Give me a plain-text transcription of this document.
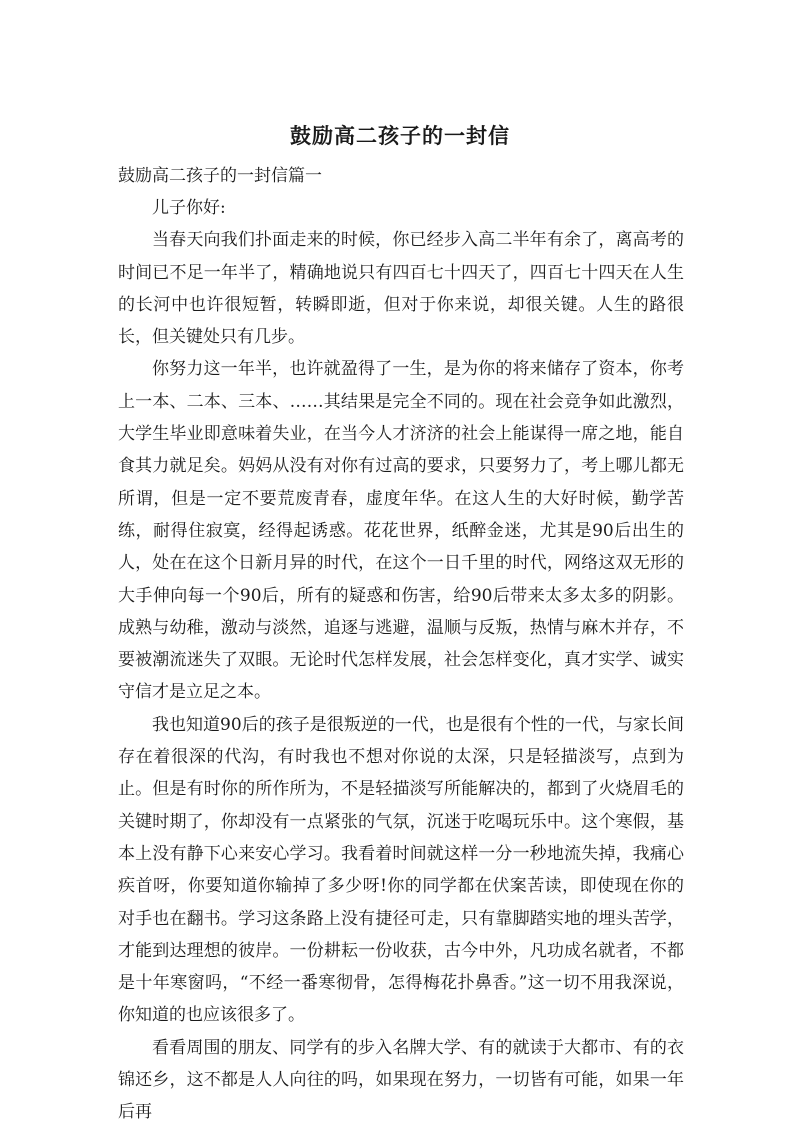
鼓励高二孩子的一封信
鼓励高二孩子的一封信篇一

儿子你好:

当春天向我们扑面走来的时候，你已经步入高二半年有余了，离高考的时间已不足一年半了，精确地说只有四百七十四天了，四百七十四天在人生的长河中也许很短暂，转瞬即逝，但对于你来说，却很关键。人生的路很长，但关键处只有几步。

你努力这一年半，也许就盈得了一生，是为你的将来储存了资本，你考上一本、二本、三本、……其结果是完全不同的。现在社会竞争如此激烈，大学生毕业即意味着失业，在当今人才济济的社会上能谋得一席之地，能自食其力就足矣。妈妈从没有对你有过高的要求，只要努力了，考上哪儿都无所谓，但是一定不要荒废青春，虚度年华。在这人生的大好时候，勤学苦练，耐得住寂寞，经得起诱惑。花花世界，纸醉金迷，尤其是90后出生的人，处在在这个日新月异的时代，在这个一日千里的时代，网络这双无形的大手伸向每一个90后，所有的疑惑和伤害，给90后带来太多太多的阴影。成熟与幼稚，激动与淡然，追逐与逃避，温顺与反叛，热情与麻木并存，不要被潮流迷失了双眼。无论时代怎样发展，社会怎样变化，真才实学、诚实守信才是立足之本。

我也知道90后的孩子是很叛逆的一代，也是很有个性的一代，与家长间存在着很深的代沟，有时我也不想对你说的太深，只是轻描淡写，点到为止。但是有时你的所作所为，不是轻描淡写所能解决的，都到了火烧眉毛的关键时期了，你却没有一点紧张的气氛，沉迷于吃喝玩乐中。这个寒假，基本上没有静下心来安心学习。我看着时间就这样一分一秒地流失掉，我痛心疾首呀，你要知道你输掉了多少呀!你的同学都在伏案苦读，即使现在你的对手也在翻书。学习这条路上没有捷径可走，只有靠脚踏实地的埋头苦学，才能到达理想的彼岸。一份耕耘一份收获，古今中外，凡功成名就者，不都是十年寒窗吗，“不经一番寒彻骨，怎得梅花扑鼻香。”这一切不用我深说，你知道的也应该很多了。

看看周围的朋友、同学有的步入名牌大学、有的就读于大都市、有的衣锦还乡，这不都是人人向往的吗，如果现在努力，一切皆有可能，如果一年后再
